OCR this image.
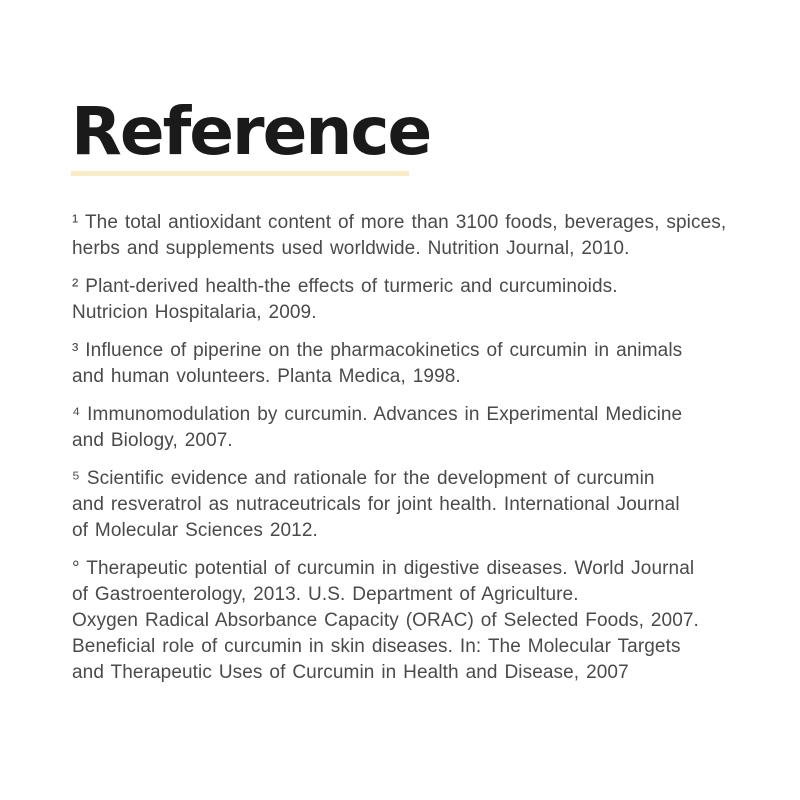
Reference

¹ The total antioxidant content of more than 3100 foods, beverages, spices,
herbs and supplements used worldwide. Nutrition Journal, 2010.

² Plant-derived health-the effects of turmeric and curcuminoids.
Nutricion Hospitalaria, 2009.

³ Influence of piperine on the pharmacokinetics of curcumin in animals
and human volunteers. Planta Medica, 1998.

⁴ Immunomodulation by curcumin. Advances in Experimental Medicine
and Biology, 2007.

⁵ Scientific evidence and rationale for the development of curcumin
and resveratrol as nutraceutricals for joint health. International Journal
of Molecular Sciences 2012.

° Therapeutic potential of curcumin in digestive diseases. World Journal
of Gastroenterology, 2013. U.S. Department of Agriculture.
Oxygen Radical Absorbance Capacity (ORAC) of Selected Foods, 2007.
Beneficial role of curcumin in skin diseases. In: The Molecular Targets
and Therapeutic Uses of Curcumin in Health and Disease, 2007
